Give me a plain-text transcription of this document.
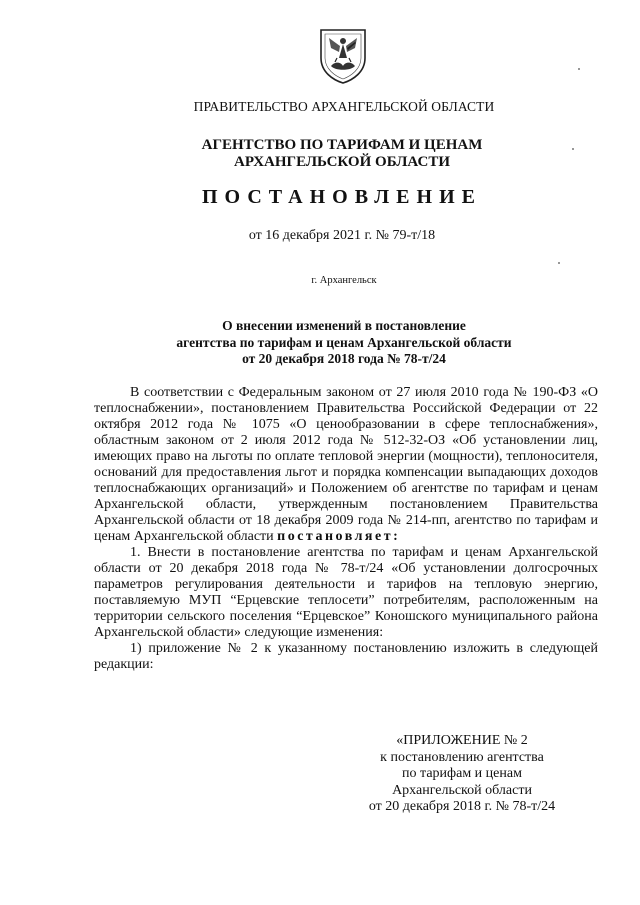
ПРАВИТЕЛЬСТВО АРХАНГЕЛЬСКОЙ ОБЛАСТИ
АГЕНТСТВО ПО ТАРИФАМ И ЦЕНАМ
АРХАНГЕЛЬСКОЙ ОБЛАСТИ
ПОСТАНОВЛЕНИЕ
от 16 декабря 2021 г. № 79-т/18
г. Архангельск
О внесении изменений в постановление
агентства по тарифам и ценам Архангельской области
от 20 декабря 2018 года № 78-т/24

В соответствии с Федеральным законом от 27 июля 2010 года № 190-ФЗ «О теплоснабжении», постановлением Правительства Российской Федерации от 22 октября 2012 года № 1075 «О ценообразовании в сфере теплоснабжения», областным законом от 2 июля 2012 года № 512-32-ОЗ «Об установлении лиц, имеющих право на льготы по оплате тепловой энергии (мощности), теплоносителя, оснований для предоставления льгот и порядка компенсации выпадающих доходов теплоснабжающих организаций» и Положением об агентстве по тарифам и ценам Архангельской области, утвержденным постановлением Правительства Архангельской области от 18 декабря 2009 года № 214-пп, агентство по тарифам и ценам Архангельской области постановляет:

1. Внести в постановление агентства по тарифам и ценам Архангельской области от 20 декабря 2018 года № 78-т/24 «Об установлении долгосрочных параметров регулирования деятельности и тарифов на тепловую энергию, поставляемую МУП “Ерцевские теплосети” потребителям, расположенным на территории сельского поселения “Ерцевское” Коношского муниципального района Архангельской области» следующие изменения:

1) приложение № 2 к указанному постановлению изложить в следующей редакции:

«ПРИЛОЖЕНИЕ № 2
к постановлению агентства
по тарифам и ценам
Архангельской области
от 20 декабря 2018 г. № 78-т/24
